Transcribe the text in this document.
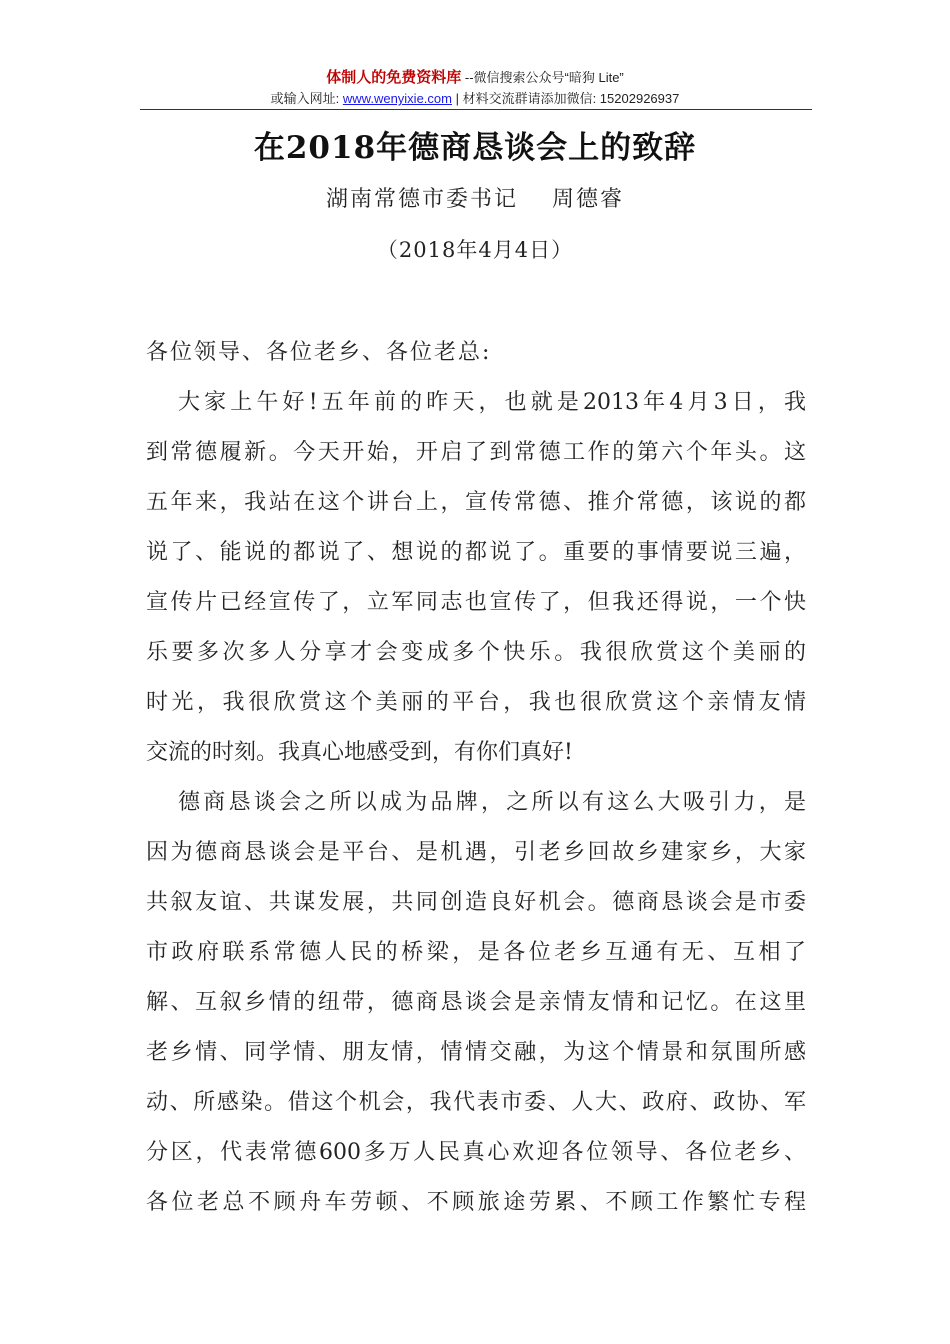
体制人的免费资料库 --微信搜索公众号“暗狗 Lite”
或输入网址: www.wenyixie.com | 材料交流群请添加微信: 15202926937
在2018年德商恳谈会上的致辞
湖南常德市委书记 周德睿
（2018年4月4日）
各位领导、各位老乡、各位老总:
大家上午好!五年前的昨天，也就是2013年4月3日，我
到常德履新。今天开始，开启了到常德工作的第六个年头。这
五年来，我站在这个讲台上，宣传常德、推介常德，该说的都
说了、能说的都说了、想说的都说了。重要的事情要说三遍，
宣传片已经宣传了，立军同志也宣传了，但我还得说，一个快
乐要多次多人分享才会变成多个快乐。我很欣赏这个美丽的
时光，我很欣赏这个美丽的平台，我也很欣赏这个亲情友情
交流的时刻。我真心地感受到，有你们真好!
德商恳谈会之所以成为品牌，之所以有这么大吸引力，是
因为德商恳谈会是平台、是机遇，引老乡回故乡建家乡，大家
共叙友谊、共谋发展，共同创造良好机会。德商恳谈会是市委
市政府联系常德人民的桥梁，是各位老乡互通有无、互相了
解、互叙乡情的纽带，德商恳谈会是亲情友情和记忆。在这里
老乡情、同学情、朋友情，情情交融，为这个情景和氛围所感
动、所感染。借这个机会，我代表市委、人大、政府、政协、军
分区，代表常德600多万人民真心欢迎各位领导、各位老乡、
各位老总不顾舟车劳顿、不顾旅途劳累、不顾工作繁忙专程
